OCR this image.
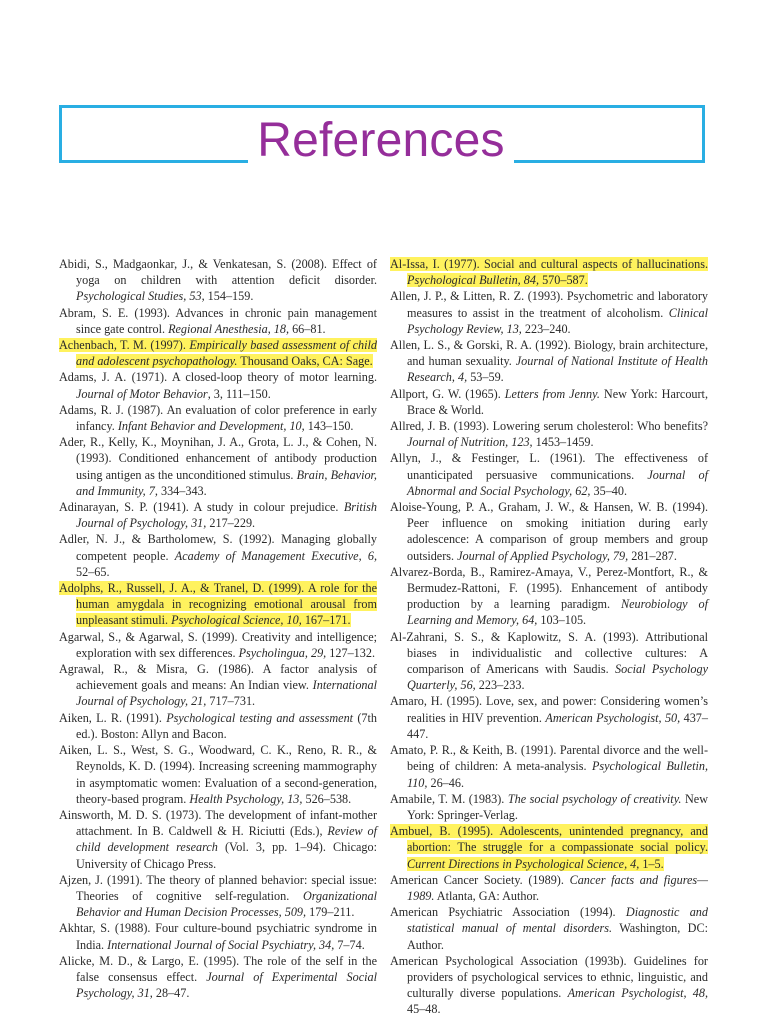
References

Abidi, S., Madgaonkar, J., & Venkatesan, S. (2008). Effect of yoga on children with attention deficit disorder. Psychological Studies, 53, 154–159.

Abram, S. E. (1993). Advances in chronic pain management since gate control. Regional Anesthesia, 18, 66–81.

Achenbach, T. M. (1997). Empirically based assessment of child and adolescent psychopathology. Thousand Oaks, CA: Sage.

Adams, J. A. (1971). A closed-loop theory of motor learning. Journal of Motor Behavior, 3, 111–150.

Adams, R. J. (1987). An evaluation of color preference in early infancy. Infant Behavior and Development, 10, 143–150.

Ader, R., Kelly, K., Moynihan, J. A., Grota, L. J., & Cohen, N. (1993). Conditioned enhancement of antibody production using antigen as the unconditioned stimulus. Brain, Behavior, and Immunity, 7, 334–343.

Adinarayan, S. P. (1941). A study in colour prejudice. British Journal of Psychology, 31, 217–229.

Adler, N. J., & Bartholomew, S. (1992). Managing globally competent people. Academy of Management Executive, 6, 52–65.

Adolphs, R., Russell, J. A., & Tranel, D. (1999). A role for the human amygdala in recognizing emotional arousal from unpleasant stimuli. Psychological Science, 10, 167–171.

Agarwal, S., & Agarwal, S. (1999). Creativity and intelligence; exploration with sex differences. Psycholingua, 29, 127–132.

Agrawal, R., & Misra, G. (1986). A factor analysis of achievement goals and means: An Indian view. International Journal of Psychology, 21, 717–731.

Aiken, L. R. (1991). Psychological testing and assessment (7th ed.). Boston: Allyn and Bacon.

Aiken, L. S., West, S. G., Woodward, C. K., Reno, R. R., & Reynolds, K. D. (1994). Increasing screening mammography in asymptomatic women: Evaluation of a second-generation, theory-based program. Health Psychology, 13, 526–538.

Ainsworth, M. D. S. (1973). The development of infant-mother attachment. In B. Caldwell & H. Riciutti (Eds.), Review of child development research (Vol. 3, pp. 1–94). Chicago: University of Chicago Press.

Ajzen, J. (1991). The theory of planned behavior: special issue: Theories of cognitive self-regulation. Organizational Behavior and Human Decision Processes, 509, 179–211.

Akhtar, S. (1988). Four culture-bound psychiatric syndrome in India. International Journal of Social Psychiatry, 34, 7–74.

Alicke, M. D., & Largo, E. (1995). The role of the self in the false consensus effect. Journal of Experimental Social Psychology, 31, 28–47.

Al-Issa, I. (1977). Social and cultural aspects of hallucinations. Psychological Bulletin, 84, 570–587.

Allen, J. P., & Litten, R. Z. (1993). Psychometric and laboratory measures to assist in the treatment of alcoholism. Clinical Psychology Review, 13, 223–240.

Allen, L. S., & Gorski, R. A. (1992). Biology, brain architecture, and human sexuality. Journal of National Institute of Health Research, 4, 53–59.

Allport, G. W. (1965). Letters from Jenny. New York: Harcourt, Brace & World.

Allred, J. B. (1993). Lowering serum cholesterol: Who benefits? Journal of Nutrition, 123, 1453–1459.

Allyn, J., & Festinger, L. (1961). The effectiveness of unanticipated persuasive communications. Journal of Abnormal and Social Psychology, 62, 35–40.

Aloise-Young, P. A., Graham, J. W., & Hansen, W. B. (1994). Peer influence on smoking initiation during early adolescence: A comparison of group members and group outsiders. Journal of Applied Psychology, 79, 281–287.

Alvarez-Borda, B., Ramirez-Amaya, V., Perez-Montfort, R., & Bermudez-Rattoni, F. (1995). Enhancement of antibody production by a learning paradigm. Neurobiology of Learning and Memory, 64, 103–105.

Al-Zahrani, S. S., & Kaplowitz, S. A. (1993). Attributional biases in individualistic and collective cultures: A comparison of Americans with Saudis. Social Psychology Quarterly, 56, 223–233.

Amaro, H. (1995). Love, sex, and power: Considering women’s realities in HIV prevention. American Psychologist, 50, 437–447.

Amato, P. R., & Keith, B. (1991). Parental divorce and the well-being of children: A meta-analysis. Psychological Bulletin, 110, 26–46.

Amabile, T. M. (1983). The social psychology of creativity. New York: Springer-Verlag.

Ambuel, B. (1995). Adolescents, unintended pregnancy, and abortion: The struggle for a compassionate social policy. Current Directions in Psychological Science, 4, 1–5.

American Cancer Society. (1989). Cancer facts and figures—1989. Atlanta, GA: Author.

American Psychiatric Association (1994). Diagnostic and statistical manual of mental disorders. Washington, DC: Author.

American Psychological Association (1993b). Guidelines for providers of psychological services to ethnic, linguistic, and culturally diverse populations. American Psychologist, 48, 45–48.
